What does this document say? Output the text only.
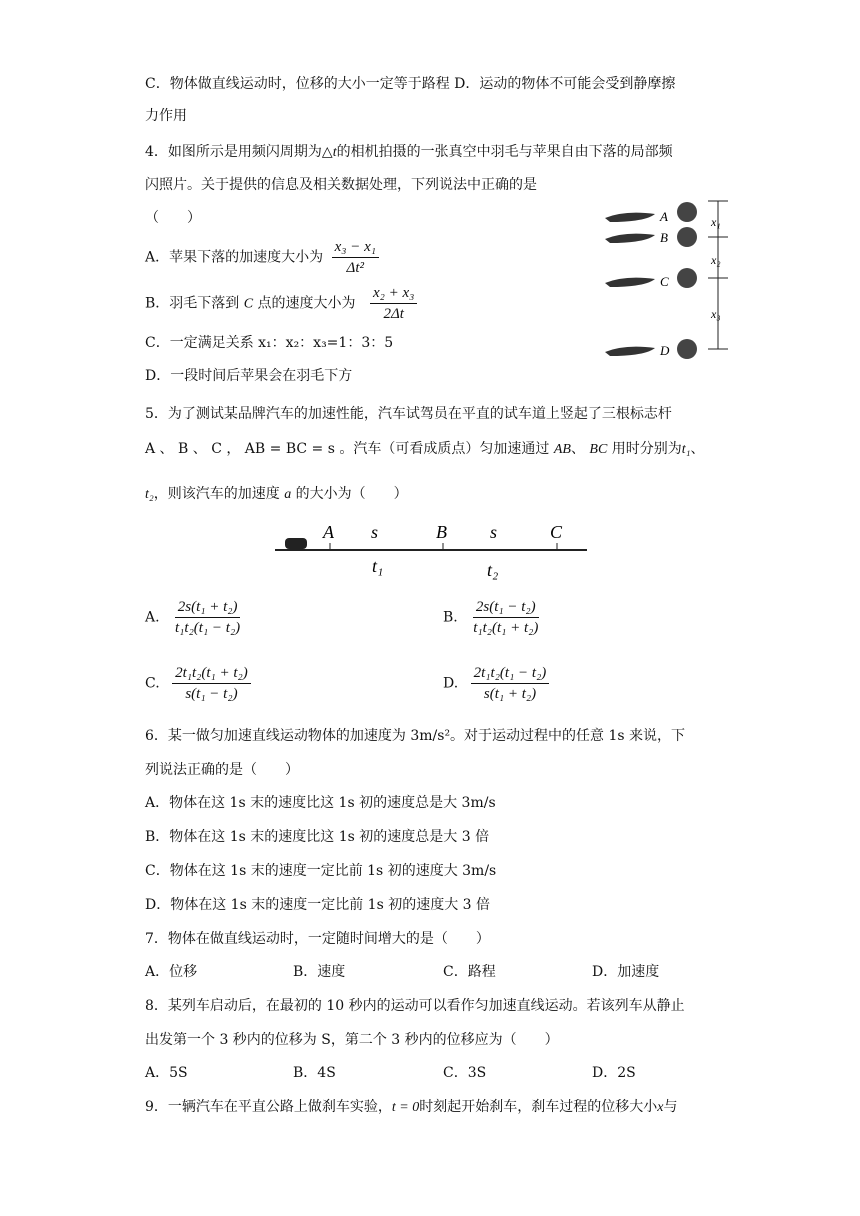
C．物体做直线运动时，位移的大小一定等于路程 D．运动的物体不可能会受到静摩擦
力作用
4．如图所示是用频闪周期为△t的相机拍摄的一张真空中羽毛与苹果自由下落的局部频
闪照片。关于提供的信息及相关数据处理，下列说法中正确的是
（　　）
A．苹果下落的加速度大小为 $\frac{\text{x₃ − x₁}}{\text{Δt²}}$
B．羽毛下落到 C 点的速度大小为 $\frac{\text{x₂ + x₃}}{2\Delta t}$
C．一定满足关系 x₁：x₂：x₃=1：3：5
D．一段时间后苹果会在羽毛下方
A
B
C
D
x₁
x₂
x₃
5．为了测试某品牌汽车的加速性能，汽车试驾员在平直的试车道上竖起了三根标志杆
A 、 B 、 C ， AB = BC = s 。汽车（可看成质点）匀加速通过 AB、 BC 用时分别为t₁、
t₂，则该汽车的加速度 a 的大小为（　　）
A	B	C
s	s
t₁	t₂
A. $\frac{\text{2s(t₁ + t₂)}}{\text{t₁t₂(t₁ − t₂)}}$	B. $\frac{\text{2s(t₁ − t₂)}}{\text{t₁t₂(t₁ + t₂)}}$
C. $\frac{\text{2t₁t₂(t₁ + t₂)}}{\text{s(t₁ − t₂)}}$	D. $\frac{\text{2t₁t₂(t₁ − t₂)}}{\text{s(t₁ + t₂)}}$
6．某一做匀加速直线运动物体的加速度为 3m/s²。对于运动过程中的任意 1s 来说，下
列说法正确的是（　　）
A．物体在这 1s 末的速度比这 1s 初的速度总是大 3m/s
B．物体在这 1s 末的速度比这 1s 初的速度总是大 3 倍
C．物体在这 1s 末的速度一定比前 1s 初的速度大 3m/s
D．物体在这 1s 末的速度一定比前 1s 初的速度大 3 倍
7．物体在做直线运动时，一定随时间增大的是（　　）
A．位移	B．速度	C．路程	D．加速度
8．某列车启动后，在最初的 10 秒内的运动可以看作匀加速直线运动。若该列车从静止
出发第一个 3 秒内的位移为 S，第二个 3 秒内的位移应为（　　）
A．5S	B．4S	C．3S	D．2S
9．一辆汽车在平直公路上做刹车实验，t = 0时刻起开始刹车，刹车过程的位移大小x与
